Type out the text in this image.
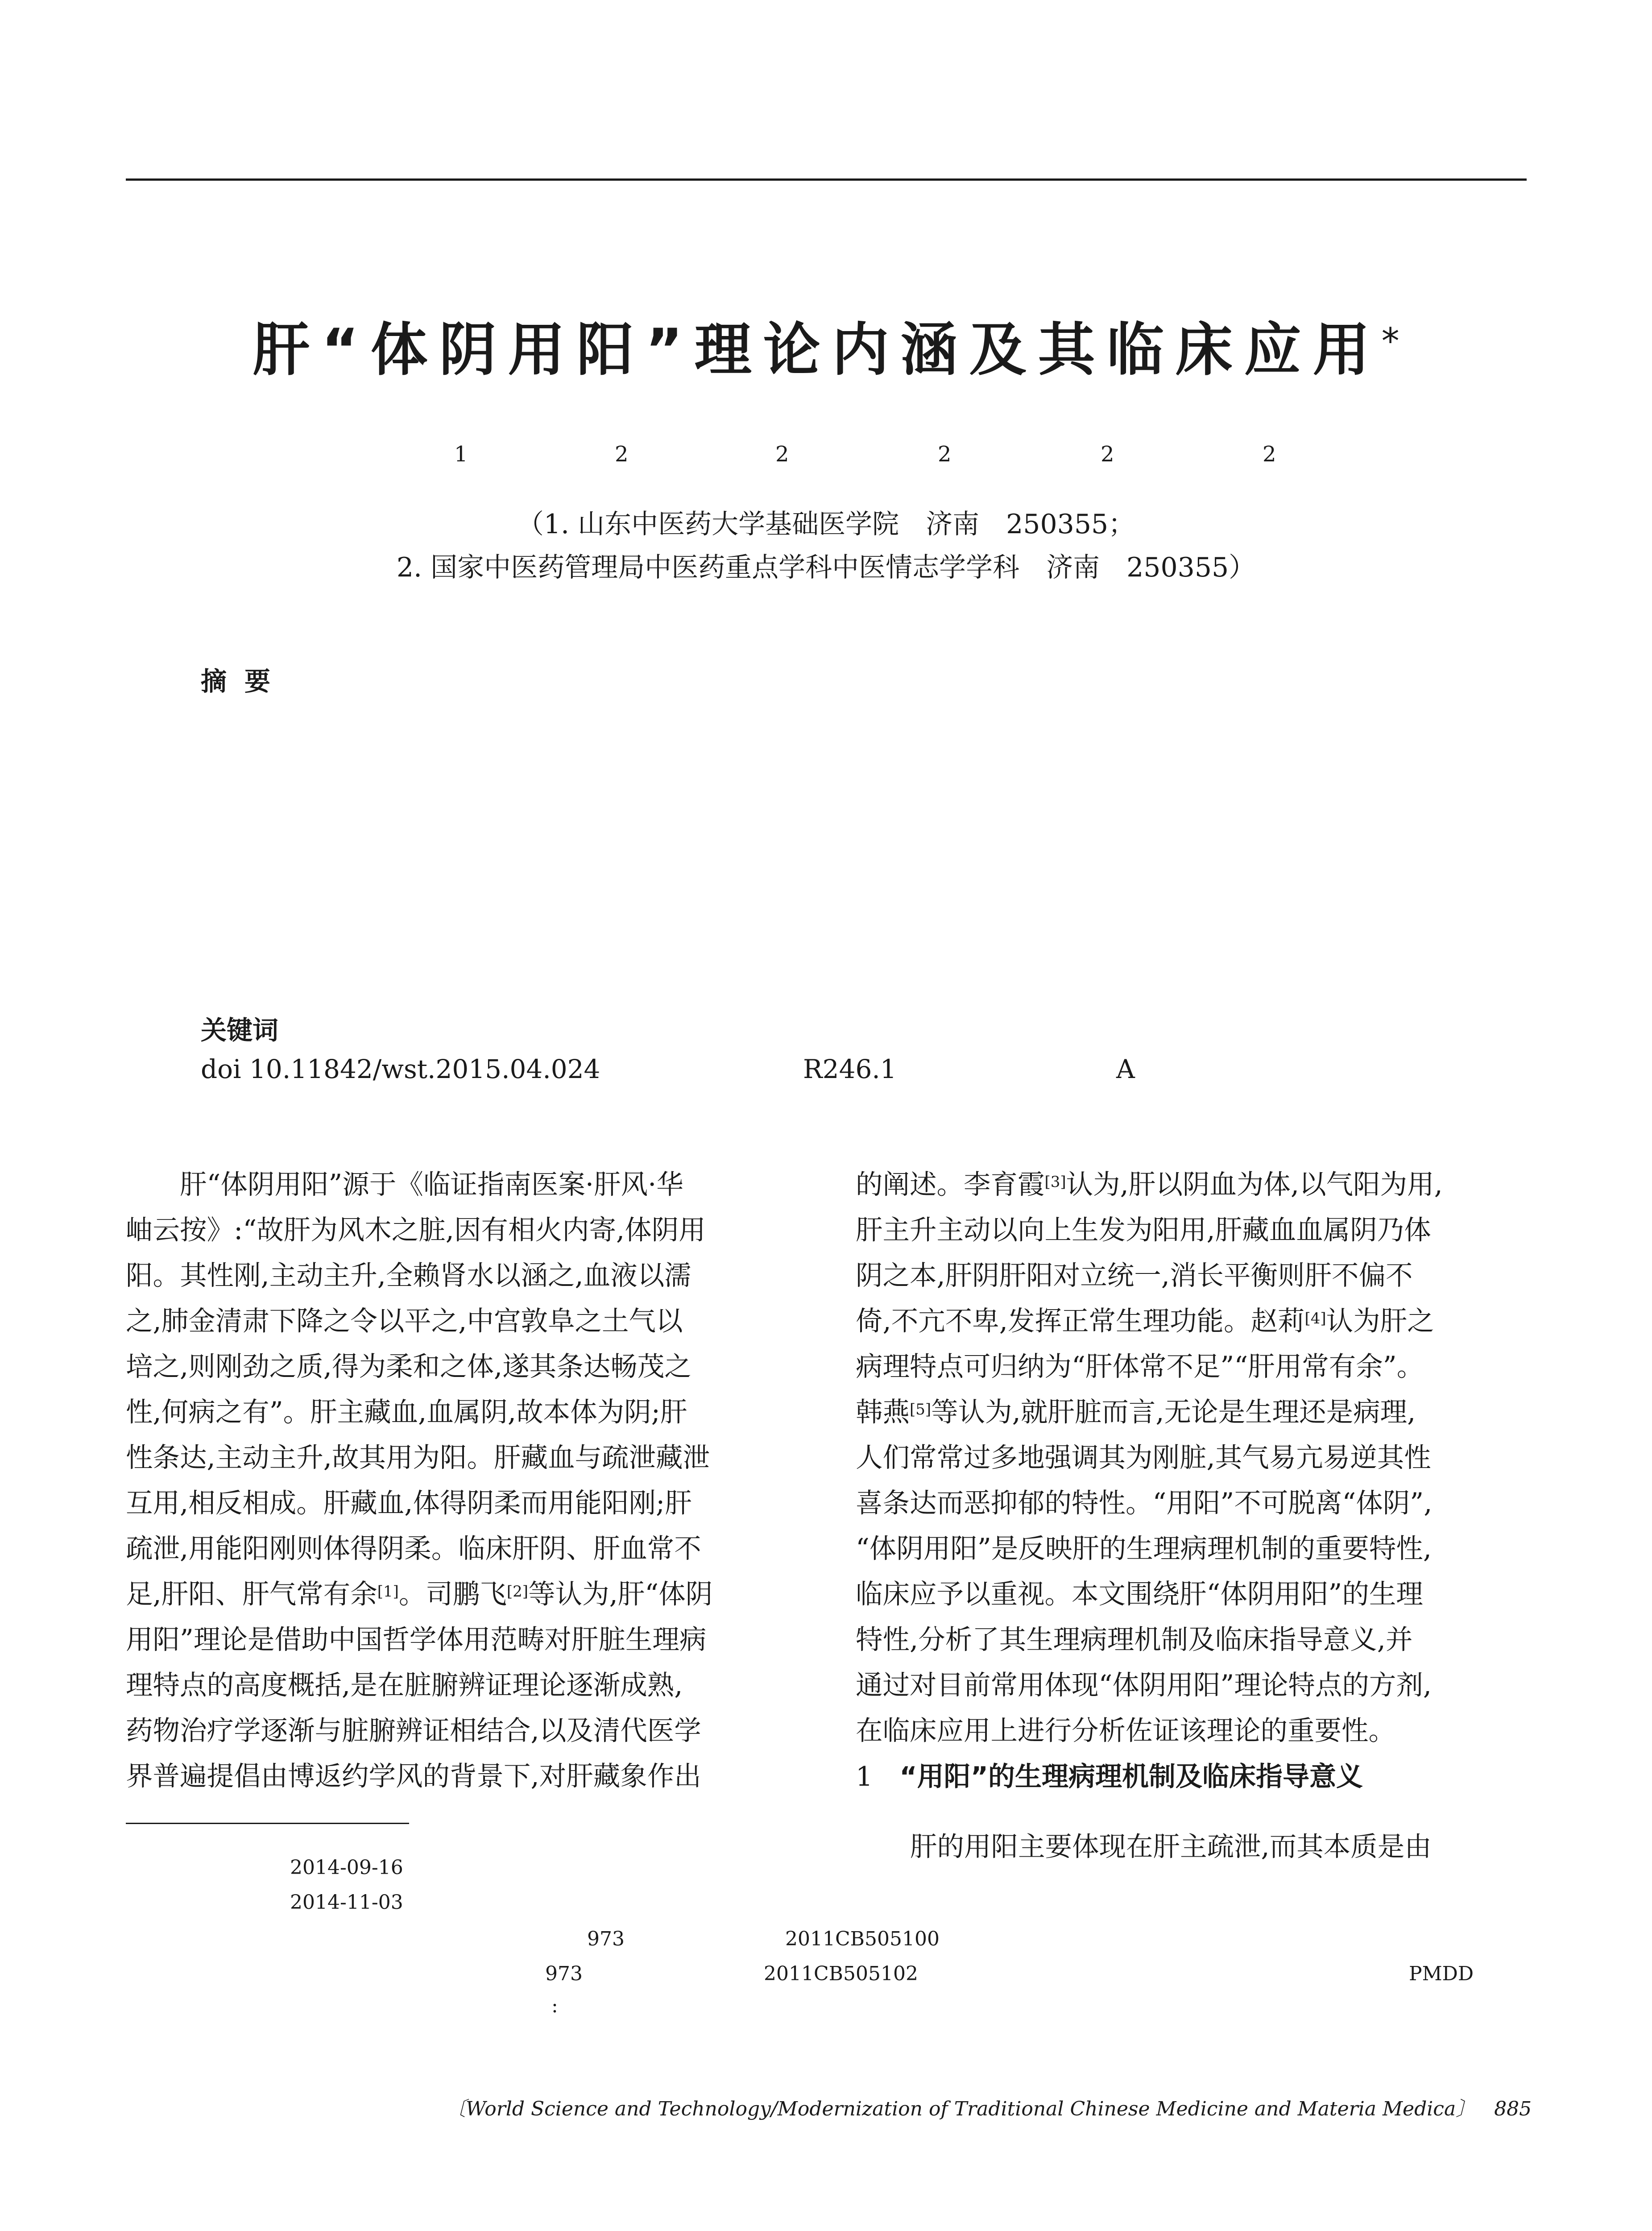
肝“体阴用阳”理论内涵及其临床应用*
1	2	2	2	2	2
（1. 山东中医药大学基础医学院　济南　250355；
2. 国家中医药管理局中医药重点学科中医情志学学科　济南　250355）
摘要
关键词
doi 10.11842/wst.2015.04.024	R246.1	A

　　肝“体阴用阳”源于《临证指南医案·肝风·华

岫云按》:“故肝为风木之脏,因有相火内寄,体阴用

阳。其性刚,主动主升,全赖肾水以涵之,血液以濡

之,肺金清肃下降之令以平之,中宫敦阜之土气以

培之,则刚劲之质,得为柔和之体,遂其条达畅茂之

性,何病之有”。肝主藏血,血属阴,故本体为阴;肝

性条达,主动主升,故其用为阳。肝藏血与疏泄藏泄

互用,相反相成。肝藏血,体得阴柔而用能阳刚;肝

疏泄,用能阳刚则体得阴柔。临床肝阴、肝血常不

足,肝阳、肝气常有余[1]。司鹏飞[2]等认为,肝“体阴

用阳”理论是借助中国哲学体用范畴对肝脏生理病

理特点的高度概括,是在脏腑辨证理论逐渐成熟,

药物治疗学逐渐与脏腑辨证相结合,以及清代医学

界普遍提倡由博返约学风的背景下,对肝藏象作出

的阐述。李育霞[3]认为,肝以阴血为体,以气阳为用,

肝主升主动以向上生发为阳用,肝藏血血属阴乃体

阴之本,肝阴肝阳对立统一,消长平衡则肝不偏不

倚,不亢不卑,发挥正常生理功能。赵莉[4]认为肝之

病理特点可归纳为“肝体常不足”“肝用常有余”。

韩燕[5]等认为,就肝脏而言,无论是生理还是病理,

人们常常过多地强调其为刚脏,其气易亢易逆其性

喜条达而恶抑郁的特性。“用阳”不可脱离“体阴”,

“体阴用阳”是反映肝的生理病理机制的重要特性,

临床应予以重视。本文围绕肝“体阴用阳”的生理

特性,分析了其生理病理机制及临床指导意义,并

通过对目前常用体现“体阴用阳”理论特点的方剂,

在临床应用上进行分析佐证该理论的重要性。

1 “用阳”的生理病理机制及临床指导意义
肝的用阳主要体现在肝主疏泄,而其本质是由
2014-09-16
2014-11-03
973	2011CB505100
973	2011CB505102	PMDD
:
〔World Science and Technology/Modernization of Traditional Chinese Medicine and Materia Medica〕 885
